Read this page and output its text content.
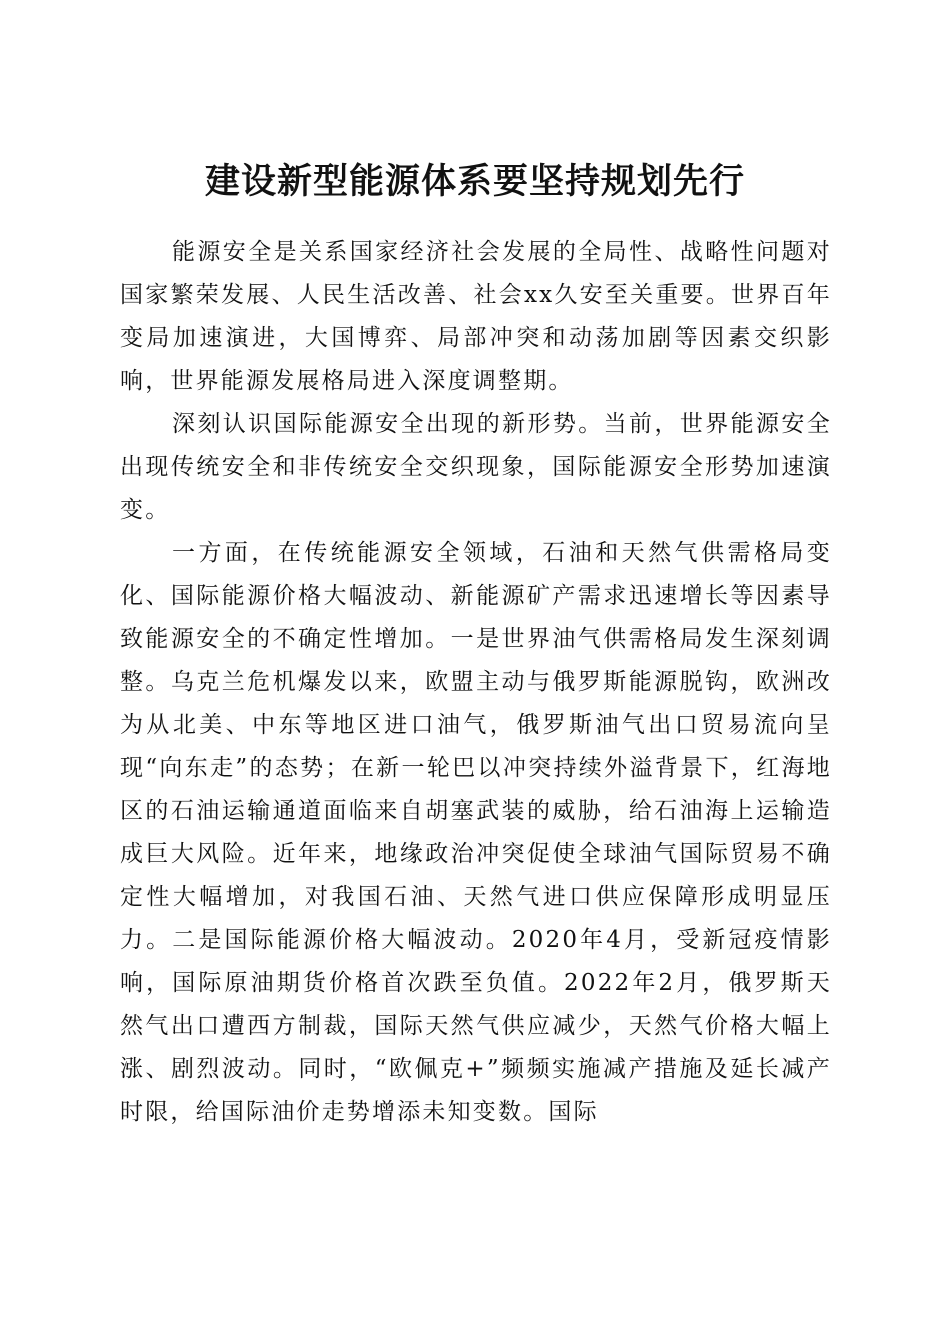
建设新型能源体系要坚持规划先行

能源安全是关系国家经济社会发展的全局性、战略性问题对国家繁荣发展、人民生活改善、社会xx久安至关重要。世界百年变局加速演进，大国博弈、局部冲突和动荡加剧等因素交织影响，世界能源发展格局进入深度调整期。

深刻认识国际能源安全出现的新形势。当前，世界能源安全出现传统安全和非传统安全交织现象，国际能源安全形势加速演变。

一方面，在传统能源安全领域，石油和天然气供需格局变化、国际能源价格大幅波动、新能源矿产需求迅速增长等因素导致能源安全的不确定性增加。一是世界油气供需格局发生深刻调整。乌克兰危机爆发以来，欧盟主动与俄罗斯能源脱钩，欧洲改为从北美、中东等地区进口油气，俄罗斯油气出口贸易流向呈现“向东走”的态势；在新一轮巴以冲突持续外溢背景下，红海地区的石油运输通道面临来自胡塞武装的威胁，给石油海上运输造成巨大风险。近年来，地缘政治冲突促使全球油气国际贸易不确定性大幅增加，对我国石油、天然气进口供应保障形成明显压力。二是国际能源价格大幅波动。2020年4月，受新冠疫情影响，国际原油期货价格首次跌至负值。2022年2月，俄罗斯天然气出口遭西方制裁，国际天然气供应减少，天然气价格大幅上涨、剧烈波动。同时，“欧佩克+”频频实施减产措施及延长减产时限，给国际油价走势增添未知变数。国际
